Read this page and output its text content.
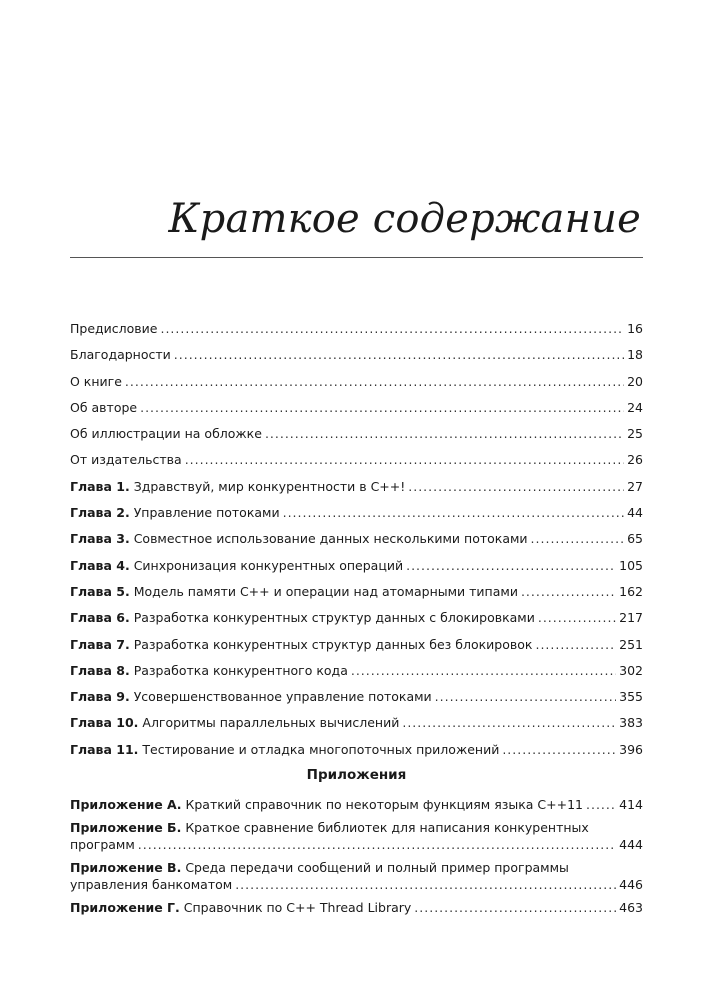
Краткое содержание
Предисловие .....	16
Благодарности .....	18
О книге .....	20
Об авторе .....	24
Об иллюстрации на обложке .....	25
От издательства .....	26
Глава 1. Здравствуй, мир конкурентности в C++! .....	27
Глава 2. Управление потоками .....	44
Глава 3. Совместное использование данных несколькими потоками .....	65
Глава 4. Синхронизация конкурентных операций .....	105
Глава 5. Модель памяти C++ и операции над атомарными типами .....	162
Глава 6. Разработка конкурентных структур данных с блокировками .....	217
Глава 7. Разработка конкурентных структур данных без блокировок .....	251
Глава 8. Разработка конкурентного кода .....	302
Глава 9. Усовершенствованное управление потоками .....	355
Глава 10. Алгоритмы параллельных вычислений .....	383
Глава 11. Тестирование и отладка многопоточных приложений .....	396
Приложения
Приложение А. Краткий справочник по некоторым функциям языка C++11 .....	414
Приложение Б. Краткое сравнение библиотек для написания конкурентных
программ .....	444
Приложение В. Среда передачи сообщений и полный пример программы
управления банкоматом .....	446
Приложение Г. Справочник по C++ Thread Library .....	463
